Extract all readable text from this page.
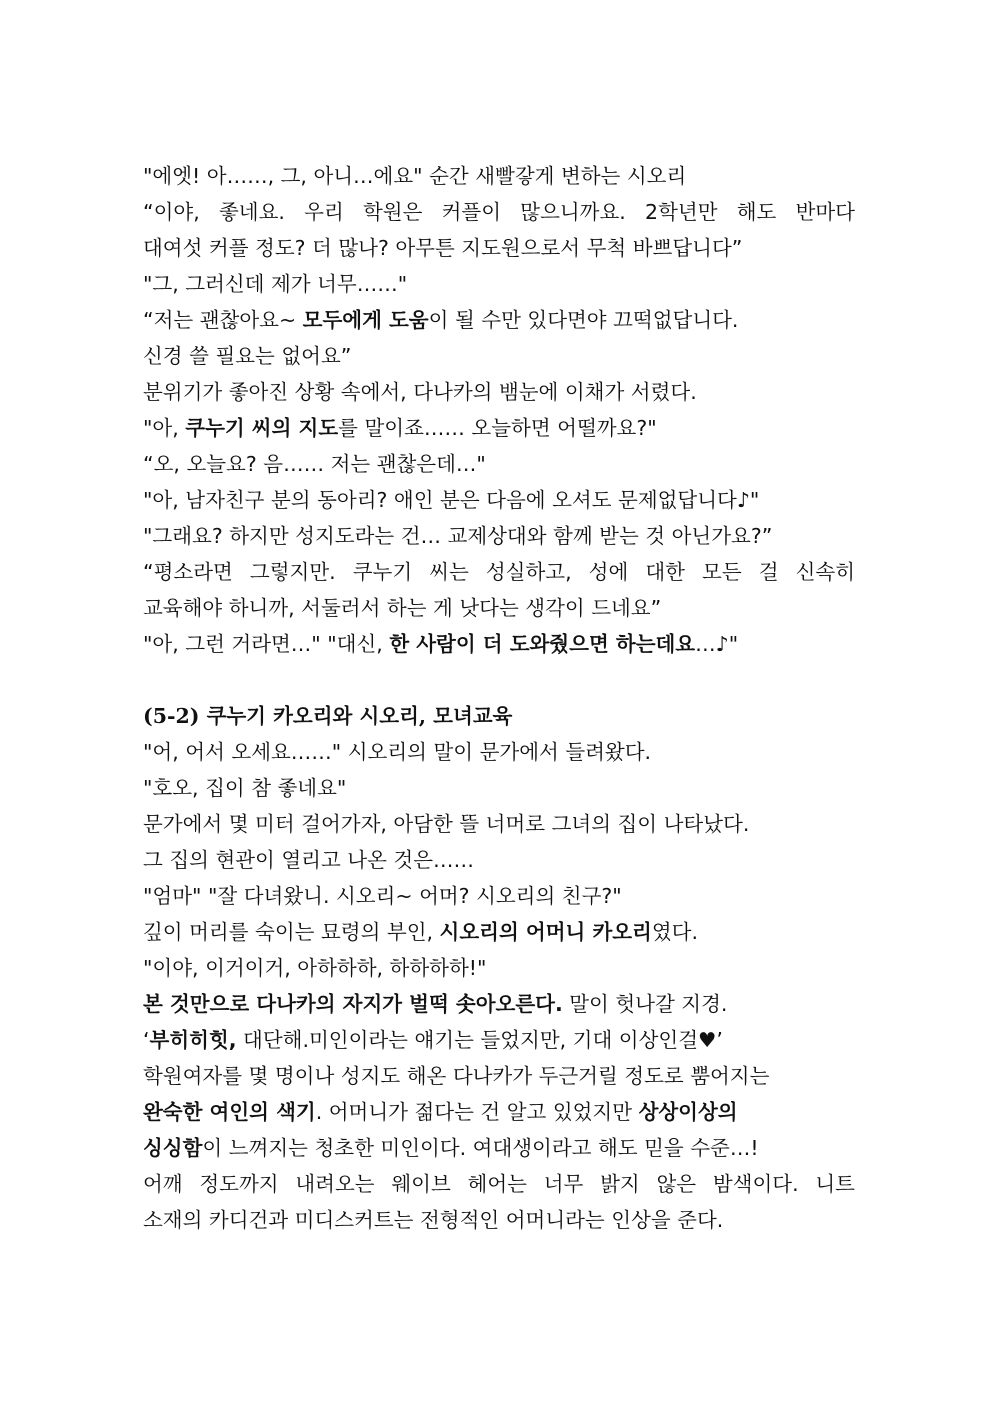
"에엣! 아……, 그, 아니…에요" 순간 새빨갛게 변하는 시오리
“이야, 좋네요. 우리 학원은 커플이 많으니까요. 2학년만 해도 반마다
대여섯 커플 정도? 더 많나? 아무튼 지도원으로서 무척 바쁘답니다”
"그, 그러신데 제가 너무……"
“저는 괜찮아요~ 모두에게 도움이 될 수만 있다면야 끄떡없답니다.
신경 쓸 필요는 없어요”
분위기가 좋아진 상황 속에서, 다나카의 뱀눈에 이채가 서렸다.
"아, 쿠누기 씨의 지도를 말이죠…… 오늘하면 어떨까요?"
“오, 오늘요? 음…… 저는 괜찮은데…"
"아, 남자친구 분의 동아리? 애인 분은 다음에 오셔도 문제없답니다♪"
"그래요? 하지만 성지도라는 건… 교제상대와 함께 받는 것 아닌가요?”
“평소라면 그렇지만. 쿠누기 씨는 성실하고, 성에 대한 모든 걸 신속히
교육해야 하니까, 서둘러서 하는 게 낫다는 생각이 드네요”
"아, 그런 거라면…" "대신, 한 사람이 더 도와줬으면 하는데요…♪"
(5-2) 쿠누기 카오리와 시오리, 모녀교육
"어, 어서 오세요……" 시오리의 말이 문가에서 들려왔다.
"호오, 집이 참 좋네요"
문가에서 몇 미터 걸어가자, 아담한 뜰 너머로 그녀의 집이 나타났다.
그 집의 현관이 열리고 나온 것은……
"엄마" "잘 다녀왔니. 시오리~ 어머? 시오리의 친구?"
깊이 머리를 숙이는 묘령의 부인, 시오리의 어머니 카오리였다.
"이야, 이거이거, 아하하하, 하하하하!"
본 것만으로 다나카의 자지가 벌떡 솟아오른다. 말이 헛나갈 지경.
‘부히히힛, 대단해.미인이라는 얘기는 들었지만, 기대 이상인걸♥’
학원여자를 몇 명이나 성지도 해온 다나카가 두근거릴 정도로 뿜어지는
완숙한 여인의 색기. 어머니가 젊다는 건 알고 있었지만 상상이상의
싱싱함이 느껴지는 청초한 미인이다. 여대생이라고 해도 믿을 수준…!
어깨 정도까지 내려오는 웨이브 헤어는 너무 밝지 않은 밤색이다. 니트
소재의 카디건과 미디스커트는 전형적인 어머니라는 인상을 준다.
